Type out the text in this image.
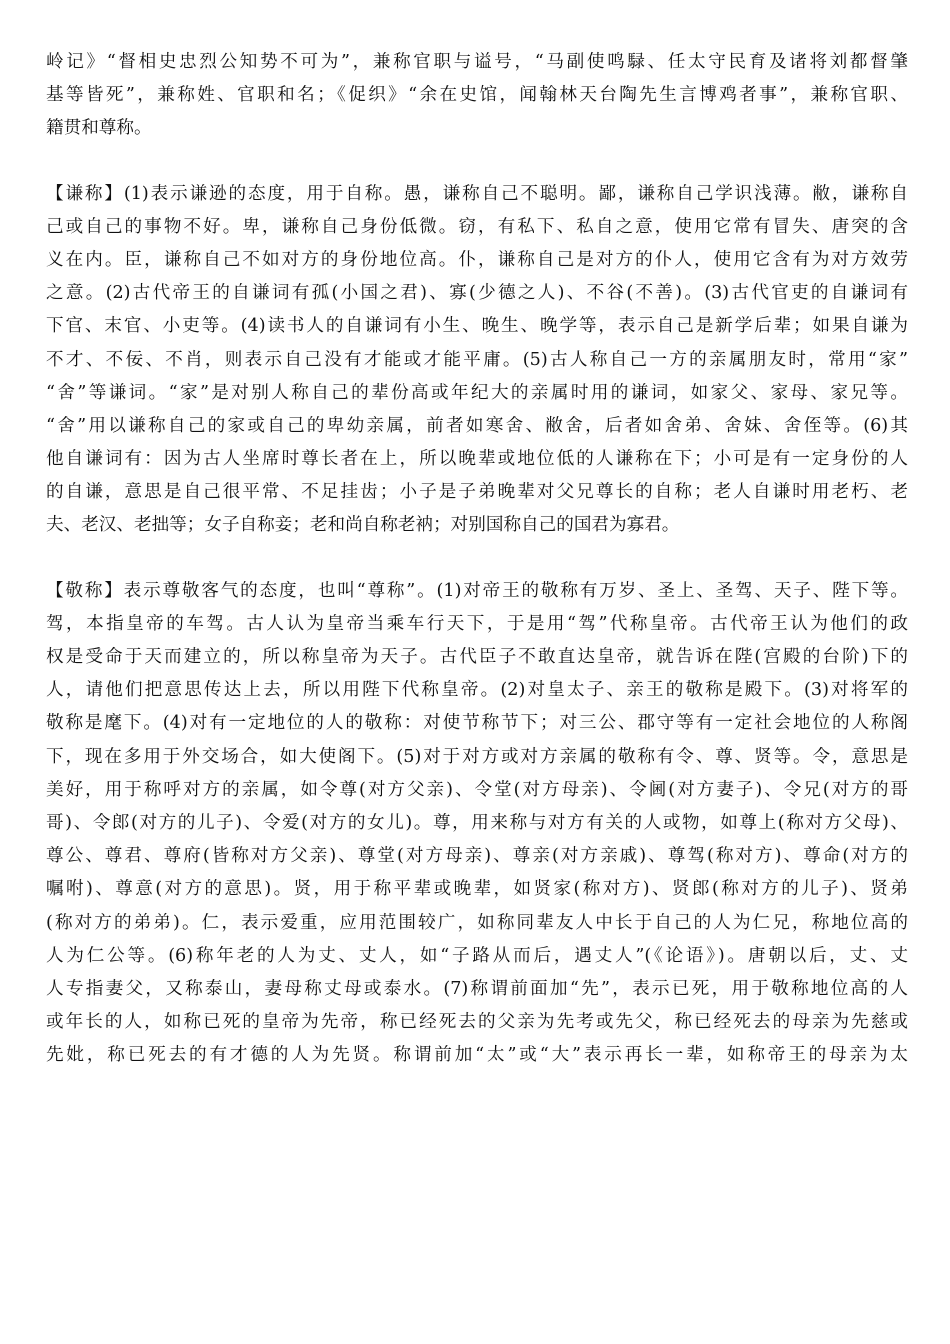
岭记》“督相史忠烈公知势不可为”，兼称官职与谥号，“马副使鸣騄、任太守民育及诸将刘都督肇
基等皆死”，兼称姓、官职和名；《促织》“余在史馆，闻翰林天台陶先生言博鸡者事”，兼称官职、
籍贯和尊称。
【谦称】(1)表示谦逊的态度，用于自称。愚，谦称自己不聪明。鄙，谦称自己学识浅薄。敝，谦称自
己或自己的事物不好。卑，谦称自己身份低微。窃，有私下、私自之意，使用它常有冒失、唐突的含
义在内。臣，谦称自己不如对方的身份地位高。仆，谦称自己是对方的仆人，使用它含有为对方效劳
之意。(2)古代帝王的自谦词有孤(小国之君)、寡(少德之人)、不谷(不善)。(3)古代官吏的自谦词有
下官、末官、小吏等。(4)读书人的自谦词有小生、晚生、晚学等，表示自己是新学后辈；如果自谦为
不才、不佞、不肖，则表示自己没有才能或才能平庸。(5)古人称自己一方的亲属朋友时，常用“家”
“舍”等谦词。“家”是对别人称自己的辈份高或年纪大的亲属时用的谦词，如家父、家母、家兄等。
“舍”用以谦称自己的家或自己的卑幼亲属，前者如寒舍、敝舍，后者如舍弟、舍妹、舍侄等。(6)其
他自谦词有：因为古人坐席时尊长者在上，所以晚辈或地位低的人谦称在下；小可是有一定身份的人
的自谦，意思是自己很平常、不足挂齿；小子是子弟晚辈对父兄尊长的自称；老人自谦时用老朽、老
夫、老汉、老拙等；女子自称妾；老和尚自称老衲；对别国称自己的国君为寡君。
【敬称】表示尊敬客气的态度，也叫“尊称”。(1)对帝王的敬称有万岁、圣上、圣驾、天子、陛下等。
驾，本指皇帝的车驾。古人认为皇帝当乘车行天下，于是用“驾”代称皇帝。古代帝王认为他们的政
权是受命于天而建立的，所以称皇帝为天子。古代臣子不敢直达皇帝，就告诉在陛(宫殿的台阶)下的
人，请他们把意思传达上去，所以用陛下代称皇帝。(2)对皇太子、亲王的敬称是殿下。(3)对将军的
敬称是麾下。(4)对有一定地位的人的敬称：对使节称节下；对三公、郡守等有一定社会地位的人称阁
下，现在多用于外交场合，如大使阁下。(5)对于对方或对方亲属的敬称有令、尊、贤等。令，意思是
美好，用于称呼对方的亲属，如令尊(对方父亲)、令堂(对方母亲)、令阃(对方妻子)、令兄(对方的哥
哥)、令郎(对方的儿子)、令爱(对方的女儿)。尊，用来称与对方有关的人或物，如尊上(称对方父母)、
尊公、尊君、尊府(皆称对方父亲)、尊堂(对方母亲)、尊亲(对方亲戚)、尊驾(称对方)、尊命(对方的
嘱咐)、尊意(对方的意思)。贤，用于称平辈或晚辈，如贤家(称对方)、贤郎(称对方的儿子)、贤弟
(称对方的弟弟)。仁，表示爱重，应用范围较广，如称同辈友人中长于自己的人为仁兄，称地位高的
人为仁公等。(6)称年老的人为丈、丈人，如“子路从而后，遇丈人”(《论语》)。唐朝以后，丈、丈
人专指妻父，又称泰山，妻母称丈母或泰水。(7)称谓前面加“先”，表示已死，用于敬称地位高的人
或年长的人，如称已死的皇帝为先帝，称已经死去的父亲为先考或先父，称已经死去的母亲为先慈或
先妣，称已死去的有才德的人为先贤。称谓前加“太”或“大”表示再长一辈，如称帝王的母亲为太
